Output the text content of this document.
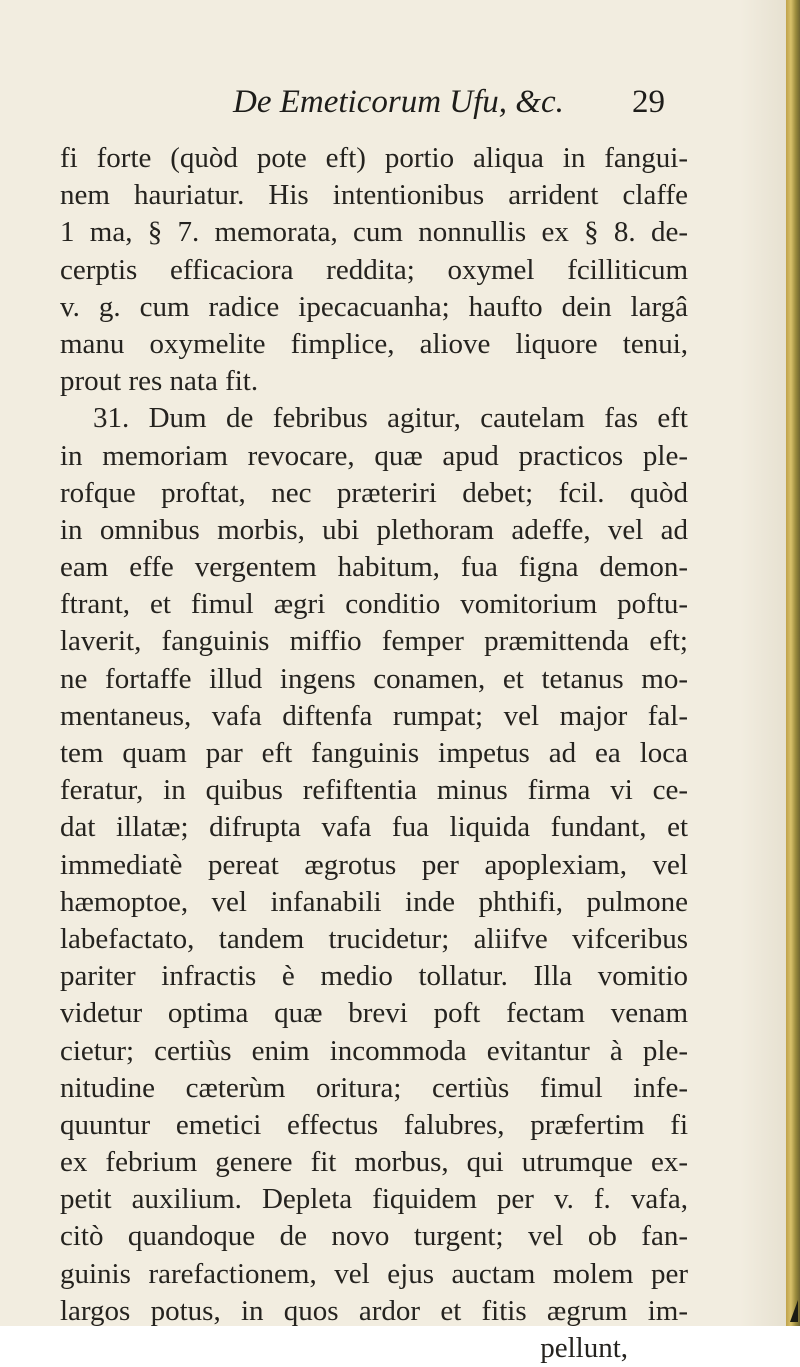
De Emeticorum Ufu, &c. 29
fi forte (quòd pote eft) portio aliqua in fangui-
nem hauriatur. His intentionibus arrident claffe
1 ma, § 7. memorata, cum nonnullis ex § 8. de-
cerptis efficaciora reddita; oxymel fcilliticum
v. g. cum radice ipecacuanha; haufto dein largâ
manu oxymelite fimplice, aliove liquore tenui,
prout res nata fit.
31. Dum de febribus agitur, cautelam fas eft
in memoriam revocare, quæ apud practicos ple-
rofque proftat, nec præteriri debet; fcil. quòd
in omnibus morbis, ubi plethoram adeffe, vel ad
eam effe vergentem habitum, fua figna demon-
ftrant, et fimul ægri conditio vomitorium poftu-
laverit, fanguinis miffio femper præmittenda eft;
ne fortaffe illud ingens conamen, et tetanus mo-
mentaneus, vafa diftenfa rumpat; vel major fal-
tem quam par eft fanguinis impetus ad ea loca
feratur, in quibus refiftentia minus firma vi ce-
dat illatæ; difrupta vafa fua liquida fundant, et
immediatè pereat ægrotus per apoplexiam, vel
hæmoptoe, vel infanabili inde phthifi, pulmone
labefactato, tandem trucidetur; aliifve vifceribus
pariter infractis è medio tollatur. Illa vomitio
videtur optima quæ brevi poft fectam venam
cietur; certiùs enim incommoda evitantur à ple-
nitudine cæterùm oritura; certiùs fimul infe-
quuntur emetici effectus falubres, præfertim fi
ex febrium genere fit morbus, qui utrumque ex-
petit auxilium. Depleta fiquidem per v. f. vafa,
citò quandoque de novo turgent; vel ob fan-
guinis rarefactionem, vel ejus auctam molem per
largos potus, in quos ardor et fitis ægrum im-
pellunt,
